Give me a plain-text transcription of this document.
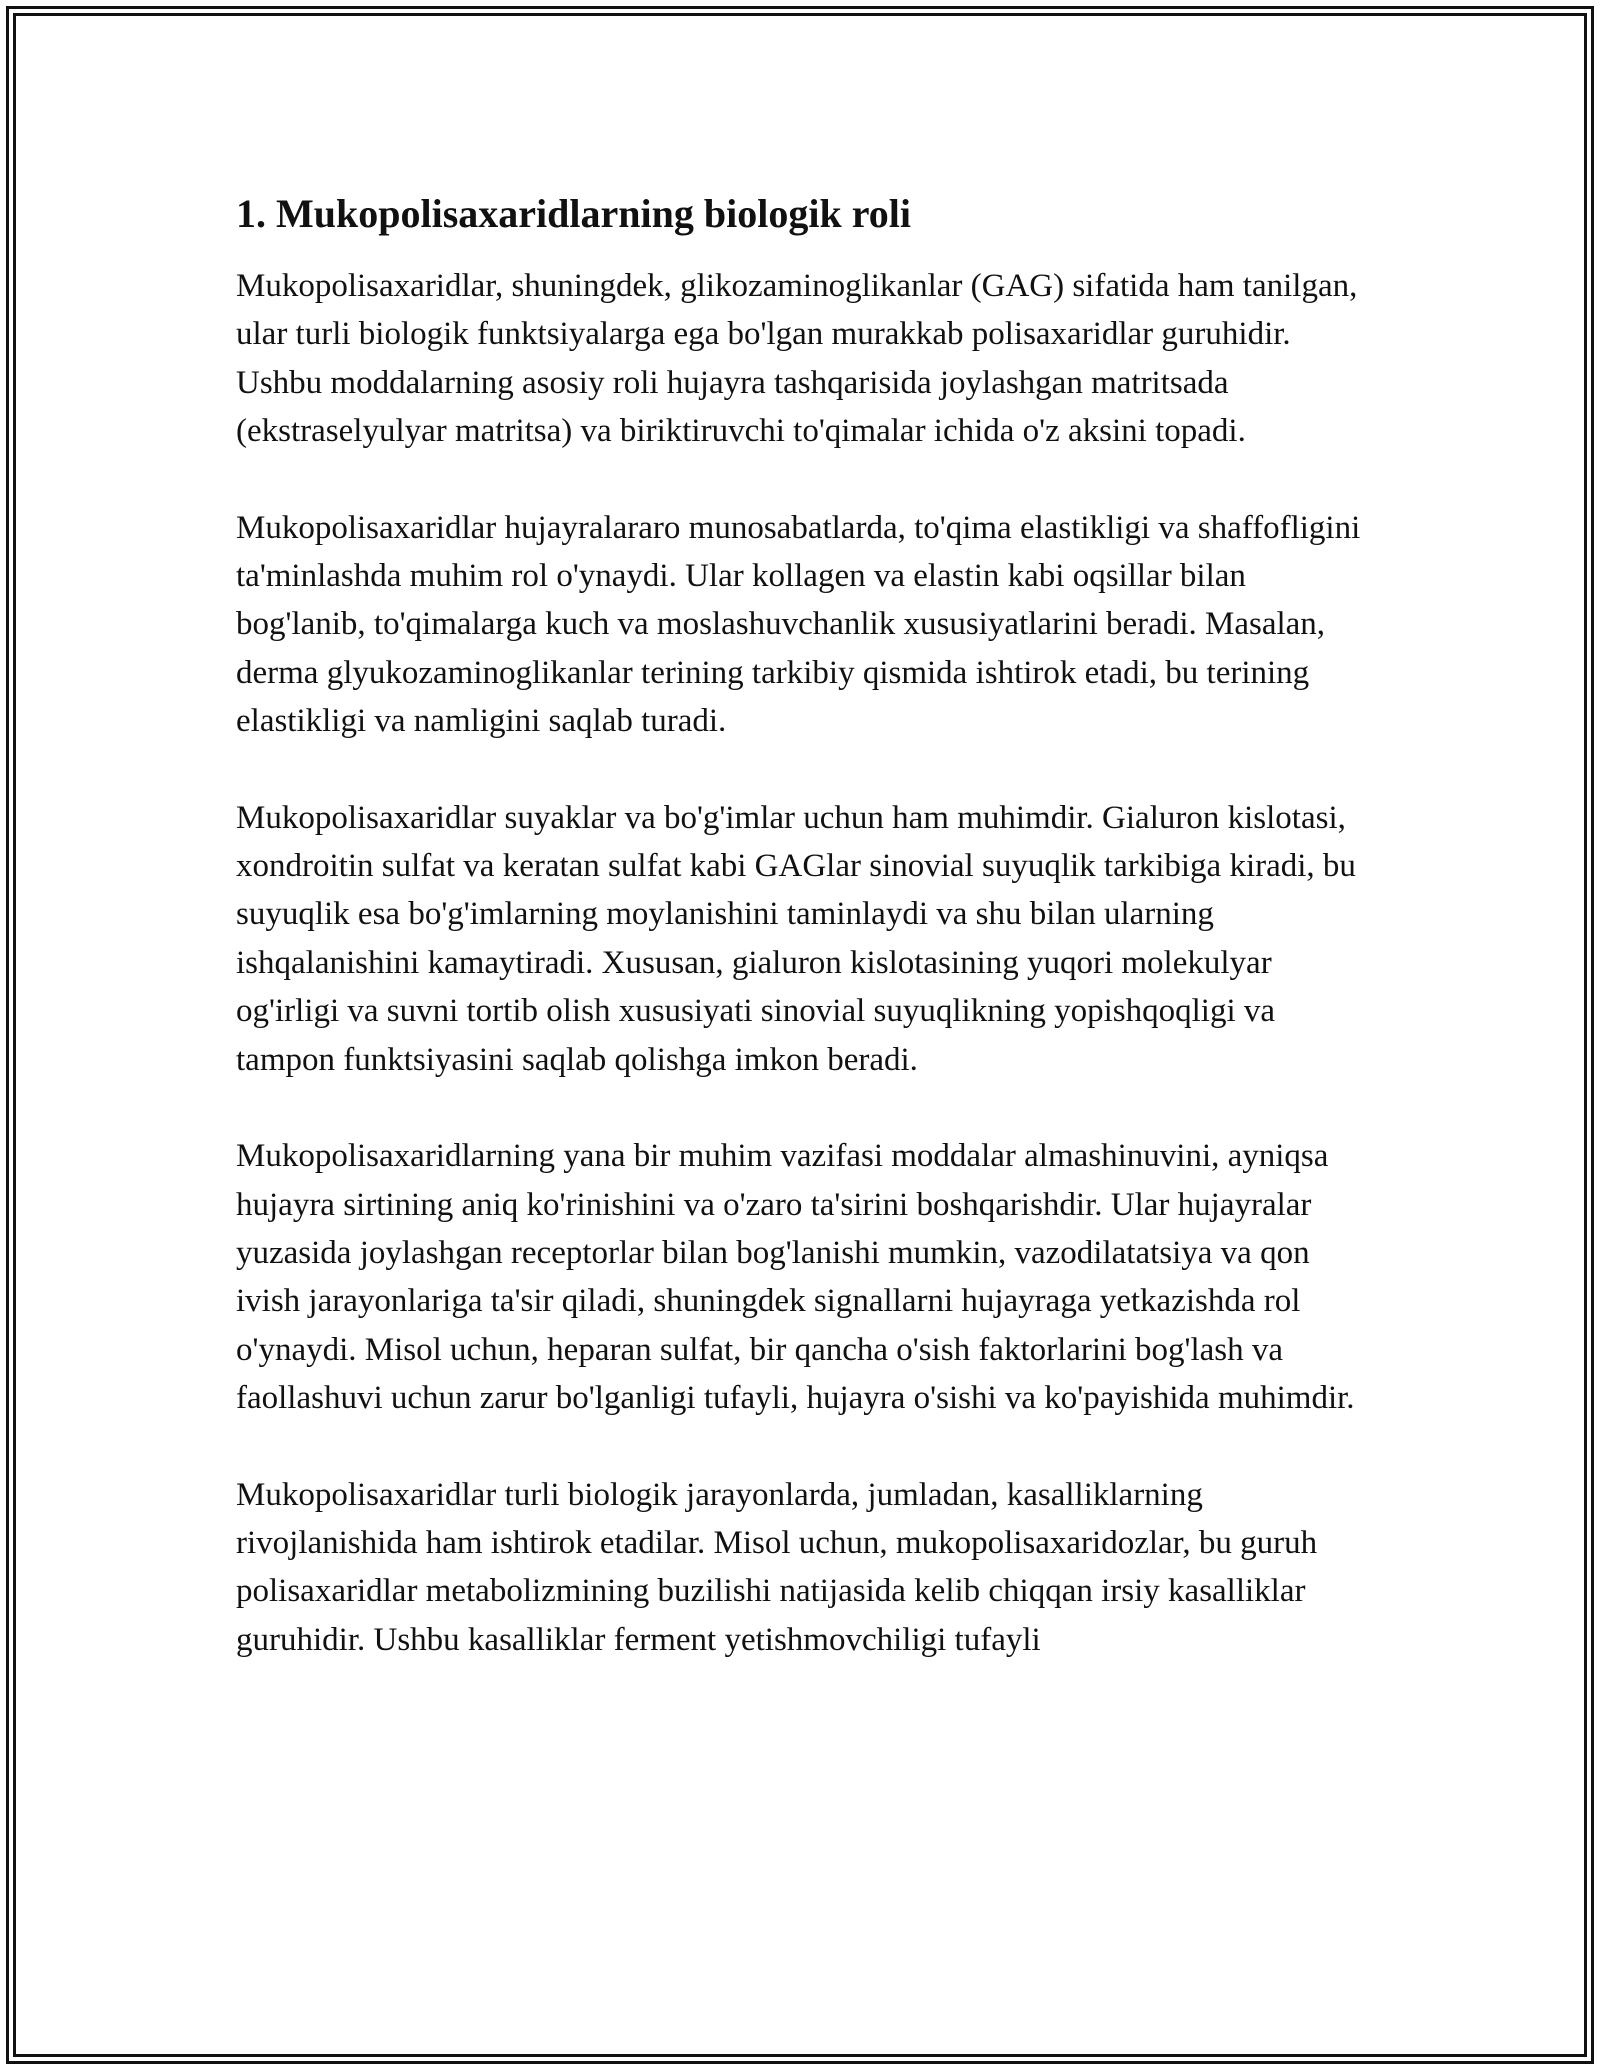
1. Mukopolisaxaridlarning biologik roli

Mukopolisaxaridlar, shuningdek, glikozaminoglikanlar (GAG) sifatida ham tanilgan, ular turli biologik funktsiyalarga ega bo'lgan murakkab polisaxaridlar guruhidir. Ushbu moddalarning asosiy roli hujayra tashqarisida joylashgan matritsada (ekstraselyulyar matritsa) va biriktiruvchi to'qimalar ichida o'z aksini topadi.

Mukopolisaxaridlar hujayralararo munosabatlarda, to'qima elastikligi va shaffofligini ta'minlashda muhim rol o'ynaydi. Ular kollagen va elastin kabi oqsillar bilan bog'lanib, to'qimalarga kuch va moslashuvchanlik xususiyatlarini beradi. Masalan, derma glyukozaminoglikanlar terining tarkibiy qismida ishtirok etadi, bu terining elastikligi va namligini saqlab turadi.

Mukopolisaxaridlar suyaklar va bo'g'imlar uchun ham muhimdir. Gialuron kislotasi, xondroitin sulfat va keratan sulfat kabi GAGlar sinovial suyuqlik tarkibiga kiradi, bu suyuqlik esa bo'g'imlarning moylanishini taminlaydi va shu bilan ularning ishqalanishini kamaytiradi. Xususan, gialuron kislotasining yuqori molekulyar og'irligi va suvni tortib olish xususiyati sinovial suyuqlikning yopishqoqligi va tampon funktsiyasini saqlab qolishga imkon beradi.

Mukopolisaxaridlarning yana bir muhim vazifasi moddalar almashinuvini, ayniqsa hujayra sirtining aniq ko'rinishini va o'zaro ta'sirini boshqarishdir. Ular hujayralar yuzasida joylashgan receptorlar bilan bog'lanishi mumkin, vazodilatatsiya va qon ivish jarayonlariga ta'sir qiladi, shuningdek signallarni hujayraga yetkazishda rol o'ynaydi. Misol uchun, heparan sulfat, bir qancha o'sish faktorlarini bog'lash va faollashuvi uchun zarur bo'lganligi tufayli, hujayra o'sishi va ko'payishida muhimdir.

Mukopolisaxaridlar turli biologik jarayonlarda, jumladan, kasalliklarning rivojlanishida ham ishtirok etadilar. Misol uchun, mukopolisaxaridozlar, bu guruh polisaxaridlar metabolizmining buzilishi natijasida kelib chiqqan irsiy kasalliklar guruhidir. Ushbu kasalliklar ferment yetishmovchiligi tufayli
